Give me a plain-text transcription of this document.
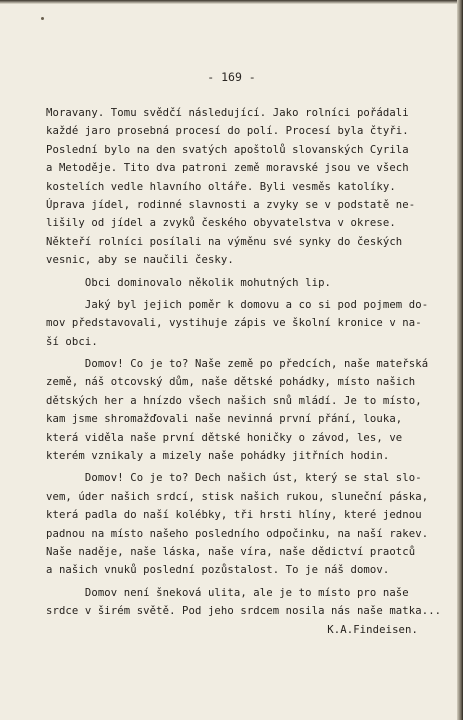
- 169 -
Moravany. Tomu svědčí následující. Jako rolníci pořádali
každé jaro prosebná procesí do polí. Procesí byla čtyři.
Poslední bylo na den svatých apoštolů slovanských Cyrila
a Metoděje. Tito dva patroni země moravské jsou ve všech
kostelích vedle hlavního oltáře. Byli vesměs katolíky.
Úprava jídel, rodinné slavnosti a zvyky se v podstatě ne-
lišily od jídel a zvyků českého obyvatelstva v okrese.
Někteří rolníci posílali na výměnu své synky do českých
vesnic, aby se naučili česky.
Obci dominovalo několik mohutných lip.
Jaký byl jejich poměr k domovu a co si pod pojmem do-
mov představovali, vystihuje zápis ve školní kronice v na-
ší obci.
Domov! Co je to? Naše země po předcích, naše mateřská
země, náš otcovský dům, naše dětské pohádky, místo našich
dětských her a hnízdo všech našich snů mládí. Je to místo,
kam jsme shromažďovali naše nevinná první přání, louka,
která viděla naše první dětské honičky o závod, les, ve
kterém vznikaly a mizely naše pohádky jitřních hodin.
Domov! Co je to? Dech našich úst, který se stal slo-
vem, úder našich srdcí, stisk našich rukou, sluneční páska,
která padla do naší kolébky, tři hrsti hlíny, které jednou
padnou na místo našeho posledního odpočinku, na naší rakev.
Naše naděje, naše láska, naše víra, naše dědictví praotců
a našich vnuků poslední pozůstalost. To je náš domov.
Domov není šneková ulita, ale je to místo pro naše
srdce v širém světě. Pod jeho srdcem nosila nás naše matka...
K.A.Findeisen.
